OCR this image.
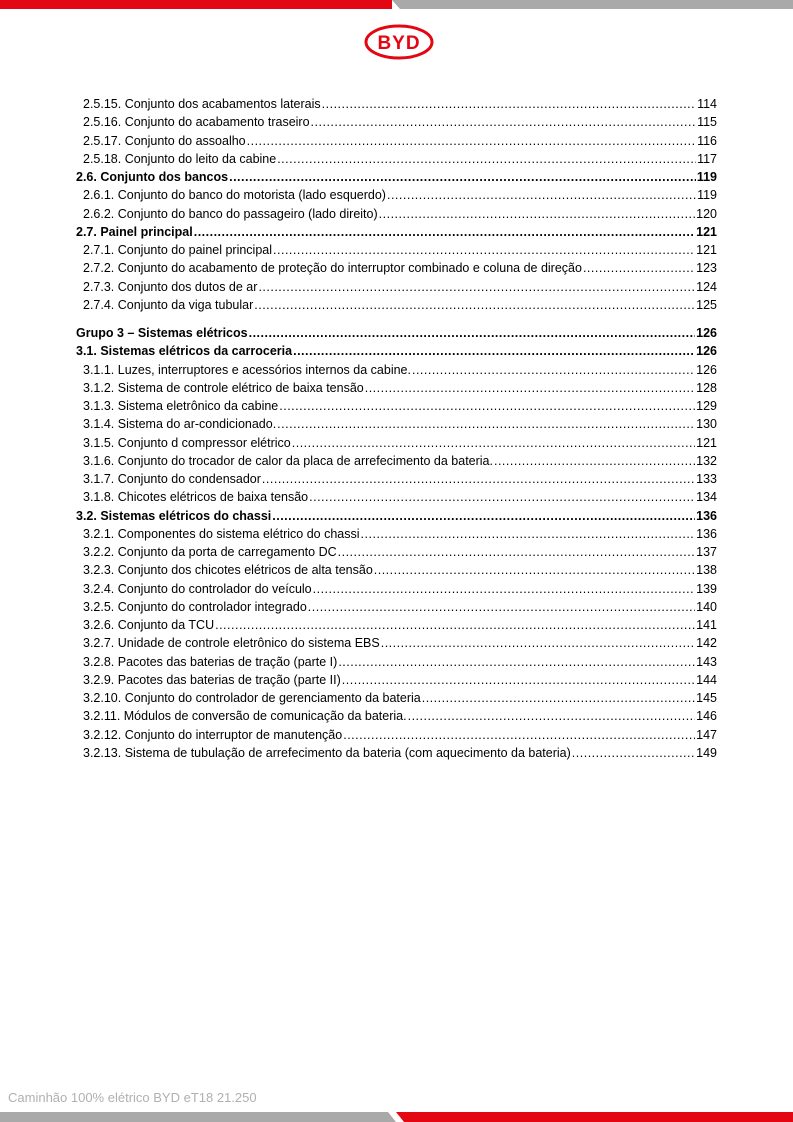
BYD
2.5.15. Conjunto dos acabamentos laterais .....	114
2.5.16. Conjunto do acabamento traseiro .....	115
2.5.17. Conjunto do assoalho .....	116
2.5.18. Conjunto do leito da cabine .....	117
2.6. Conjunto dos bancos .....	119
2.6.1. Conjunto do banco do motorista (lado esquerdo) .....	119
2.6.2. Conjunto do banco do passageiro (lado direito) .....	120
2.7. Painel principal .....	121
2.7.1. Conjunto do painel principal .....	121
2.7.2. Conjunto do acabamento de proteção do interruptor combinado e coluna de direção .....	123
2.7.3. Conjunto dos dutos de ar .....	124
2.7.4. Conjunto da viga tubular .....	125
Grupo 3 – Sistemas elétricos .....	126
3.1. Sistemas elétricos da carroceria .....	126
3.1.1. Luzes, interruptores e acessórios internos da cabine. .....	126
3.1.2. Sistema de controle elétrico de baixa tensão .....	128
3.1.3. Sistema eletrônico da cabine .....	129
3.1.4. Sistema do ar-condicionado. .....	130
3.1.5. Conjunto d compressor elétrico .....	121
3.1.6. Conjunto do trocador de calor da placa de arrefecimento da bateria. .....	132
3.1.7. Conjunto do condensador .....	133
3.1.8. Chicotes elétricos de baixa tensão .....	134
3.2. Sistemas elétricos do chassi .....	136
3.2.1. Componentes do sistema elétrico do chassi .....	136
3.2.2. Conjunto da porta de carregamento DC .....	137
3.2.3. Conjunto dos chicotes elétricos de alta tensão .....	138
3.2.4. Conjunto do controlador do veículo .....	139
3.2.5. Conjunto do controlador integrado .....	140
3.2.6. Conjunto da TCU .....	141
3.2.7. Unidade de controle eletrônico do sistema EBS .....	142
3.2.8. Pacotes das baterias de tração (parte I) .....	143
3.2.9. Pacotes das baterias de tração (parte II) .....	144
3.2.10. Conjunto do controlador de gerenciamento da bateria .....	145
3.2.11. Módulos de conversão de comunicação da bateria. .....	146
3.2.12. Conjunto do interruptor de manutenção .....	147
3.2.13. Sistema de tubulação de arrefecimento da bateria (com aquecimento da bateria) .....	149
Caminhão 100% elétrico BYD eT18 21.250
